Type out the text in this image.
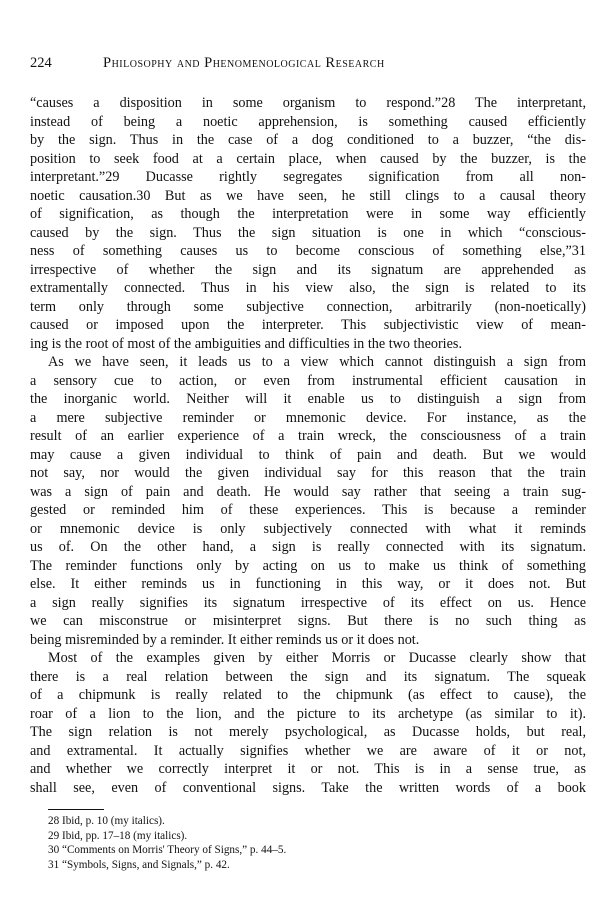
224	Philosophy and Phenomenological Research
“causes a disposition in some organism to respond.”28 The interpretant,
instead of being a noetic apprehension, is something caused efficiently
by the sign. Thus in the case of a dog conditioned to a buzzer, “the dis-
position to seek food at a certain place, when caused by the buzzer, is the
interpretant.”29 Ducasse rightly segregates signification from all non-
noetic causation.30 But as we have seen, he still clings to a causal theory
of signification, as though the interpretation were in some way efficiently
caused by the sign. Thus the sign situation is one in which “conscious-
ness of something causes us to become conscious of something else,”31
irrespective of whether the sign and its signatum are apprehended as
extramentally connected. Thus in his view also, the sign is related to its
term only through some subjective connection, arbitrarily (non-noetically)
caused or imposed upon the interpreter. This subjectivistic view of mean-
ing is the root of most of the ambiguities and difficulties in the two theories.
As we have seen, it leads us to a view which cannot distinguish a sign from
a sensory cue to action, or even from instrumental efficient causation in
the inorganic world. Neither will it enable us to distinguish a sign from
a mere subjective reminder or mnemonic device. For instance, as the
result of an earlier experience of a train wreck, the consciousness of a train
may cause a given individual to think of pain and death. But we would
not say, nor would the given individual say for this reason that the train
was a sign of pain and death. He would say rather that seeing a train sug-
gested or reminded him of these experiences. This is because a reminder
or mnemonic device is only subjectively connected with what it reminds
us of. On the other hand, a sign is really connected with its signatum.
The reminder functions only by acting on us to make us think of something
else. It either reminds us in functioning in this way, or it does not. But
a sign really signifies its signatum irrespective of its effect on us. Hence
we can misconstrue or misinterpret signs. But there is no such thing as
being misreminded by a reminder. It either reminds us or it does not.
Most of the examples given by either Morris or Ducasse clearly show that
there is a real relation between the sign and its signatum. The squeak
of a chipmunk is really related to the chipmunk (as effect to cause), the
roar of a lion to the lion, and the picture to its archetype (as similar to it).
The sign relation is not merely psychological, as Ducasse holds, but real,
and extramental. It actually signifies whether we are aware of it or not,
and whether we correctly interpret it or not. This is in a sense true, as
shall see, even of conventional signs. Take the written words of a book
28 Ibid, p. 10 (my italics).
29 Ibid, pp. 17–18 (my italics).
30 “Comments on Morris' Theory of Signs,” p. 44–5.
31 “Symbols, Signs, and Signals,” p. 42.
